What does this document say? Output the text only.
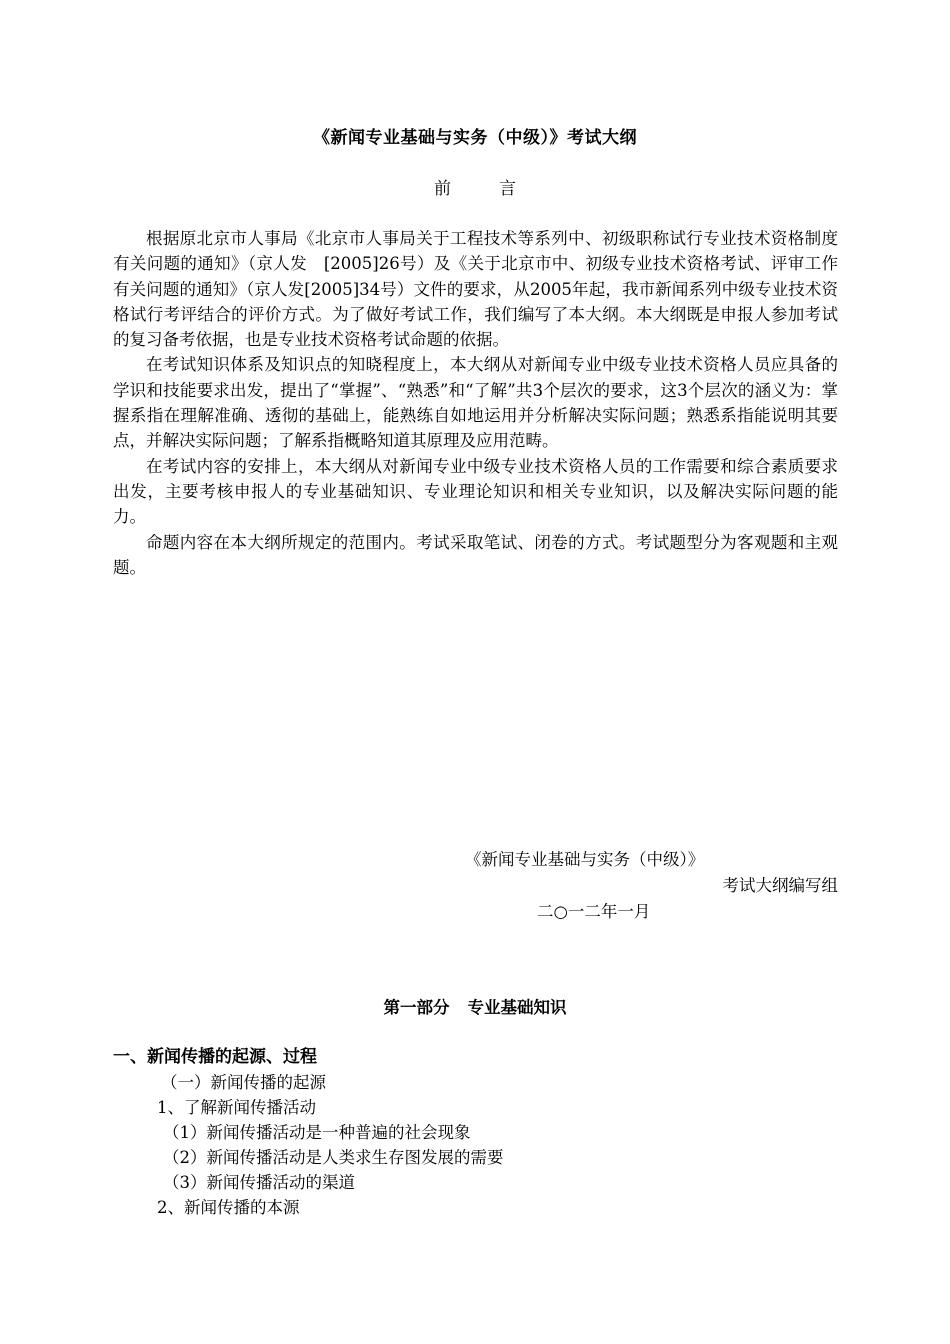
《新闻专业基础与实务（中级）》考试大纲
前	言

根据原北京市人事局《北京市人事局关于工程技术等系列中、初级职称试行专业技术资格制度有关问题的通知》（京人发　[2005]26号）及《关于北京市中、初级专业技术资格考试、评审工作有关问题的通知》（京人发[2005]34号）文件的要求，从2005年起，我市新闻系列中级专业技术资格试行考评结合的评价方式。为了做好考试工作，我们编写了本大纲。本大纲既是申报人参加考试的复习备考依据，也是专业技术资格考试命题的依据。

在考试知识体系及知识点的知晓程度上，本大纲从对新闻专业中级专业技术资格人员应具备的学识和技能要求出发，提出了“掌握”、“熟悉”和“了解”共3个层次的要求，这3个层次的涵义为：掌握系指在理解准确、透彻的基础上，能熟练自如地运用并分析解决实际问题；熟悉系指能说明其要点，并解决实际问题；了解系指概略知道其原理及应用范畴。

在考试内容的安排上，本大纲从对新闻专业中级专业技术资格人员的工作需要和综合素质要求出发，主要考核申报人的专业基础知识、专业理论知识和相关专业知识，以及解决实际问题的能力。

命题内容在本大纲所规定的范围内。考试采取笔试、闭卷的方式。考试题型分为客观题和主观题。

《新闻专业基础与实务（中级）》
考试大纲编写组
二○一二年一月
第一部分 专业基础知识
一、新闻传播的起源、过程
（一）新闻传播的起源
1、了解新闻传播活动
（1）新闻传播活动是一种普遍的社会现象
（2）新闻传播活动是人类求生存图发展的需要
（3）新闻传播活动的渠道
2、新闻传播的本源
